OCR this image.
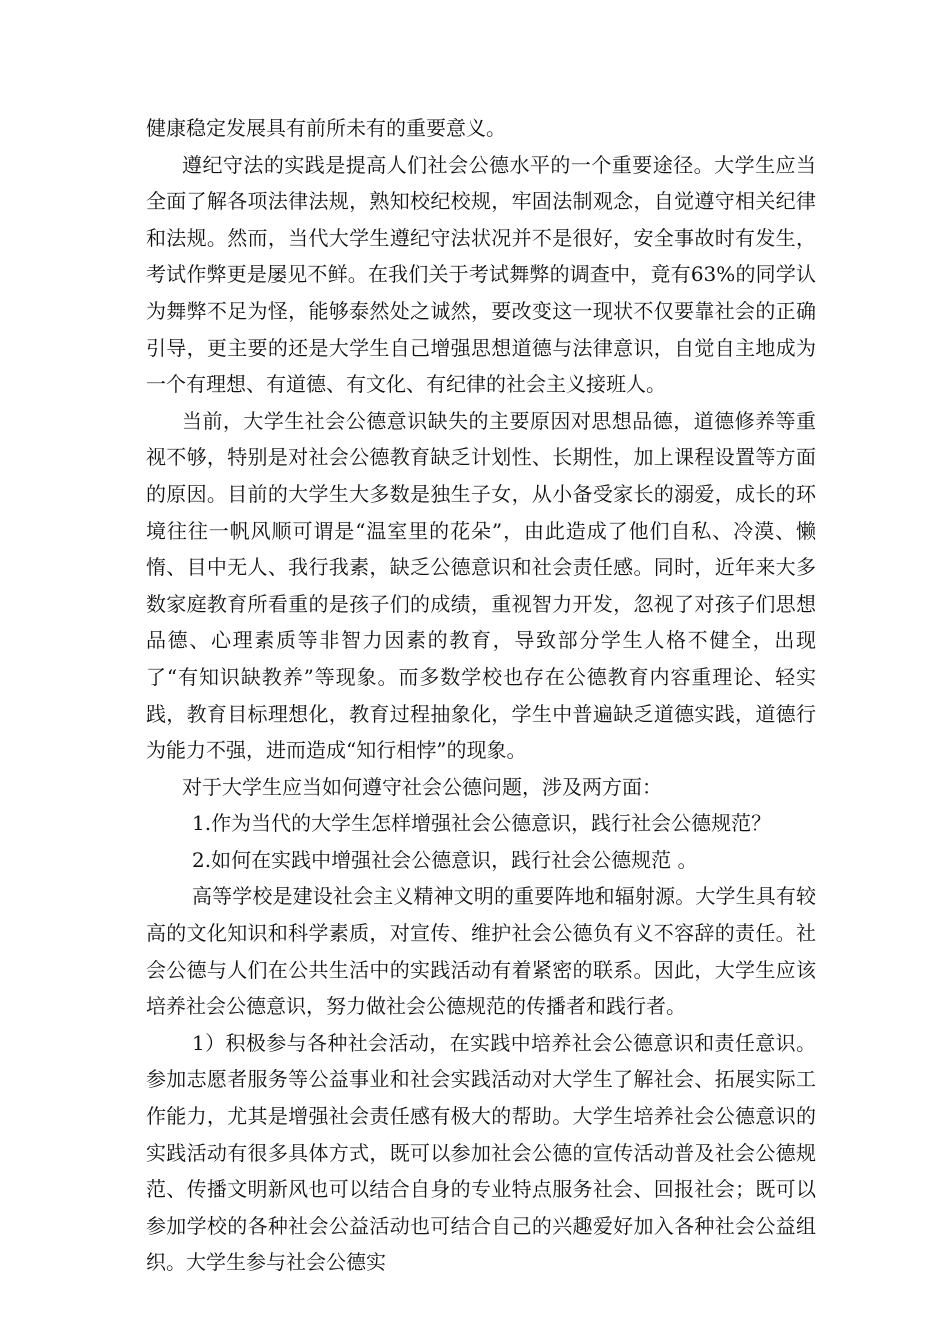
健康稳定发展具有前所未有的重要意义。

遵纪守法的实践是提高人们社会公德水平的一个重要途径。大学生应当全面了解各项法律法规，熟知校纪校规，牢固法制观念，自觉遵守相关纪律和法规。然而，当代大学生遵纪守法状况并不是很好，安全事故时有发生，考试作弊更是屡见不鲜。在我们关于考试舞弊的调查中，竟有63%的同学认为舞弊不足为怪，能够泰然处之诚然，要改变这一现状不仅要靠社会的正确引导，更主要的还是大学生自己增强思想道德与法律意识，自觉自主地成为一个有理想、有道德、有文化、有纪律的社会主义接班人。

当前，大学生社会公德意识缺失的主要原因对思想品德，道德修养等重视不够，特别是对社会公德教育缺乏计划性、长期性，加上课程设置等方面的原因。目前的大学生大多数是独生子女，从小备受家长的溺爱，成长的环境往往一帆风顺可谓是“温室里的花朵”，由此造成了他们自私、冷漠、懒惰、目中无人、我行我素，缺乏公德意识和社会责任感。同时，近年来大多数家庭教育所看重的是孩子们的成绩，重视智力开发，忽视了对孩子们思想品德、心理素质等非智力因素的教育，导致部分学生人格不健全，出现了“有知识缺教养”等现象。而多数学校也存在公德教育内容重理论、轻实践，教育目标理想化，教育过程抽象化，学生中普遍缺乏道德实践，道德行为能力不强，进而造成“知行相悖”的现象。

对于大学生应当如何遵守社会公德问题，涉及两方面：

1.作为当代的大学生怎样增强社会公德意识，践行社会公德规范？

2.如何在实践中增强社会公德意识，践行社会公德规范 。

高等学校是建设社会主义精神文明的重要阵地和辐射源。大学生具有较高的文化知识和科学素质，对宣传、维护社会公德负有义不容辞的责任。社会公德与人们在公共生活中的实践活动有着紧密的联系。因此，大学生应该培养社会公德意识，努力做社会公德规范的传播者和践行者。

1）积极参与各种社会活动，在实践中培养社会公德意识和责任意识。参加志愿者服务等公益事业和社会实践活动对大学生了解社会、拓展实际工作能力，尤其是增强社会责任感有极大的帮助。大学生培养社会公德意识的实践活动有很多具体方式，既可以参加社会公德的宣传活动普及社会公德规范、传播文明新风也可以结合自身的专业特点服务社会、回报社会；既可以参加学校的各种社会公益活动也可结合自己的兴趣爱好加入各种社会公益组织。大学生参与社会公德实
